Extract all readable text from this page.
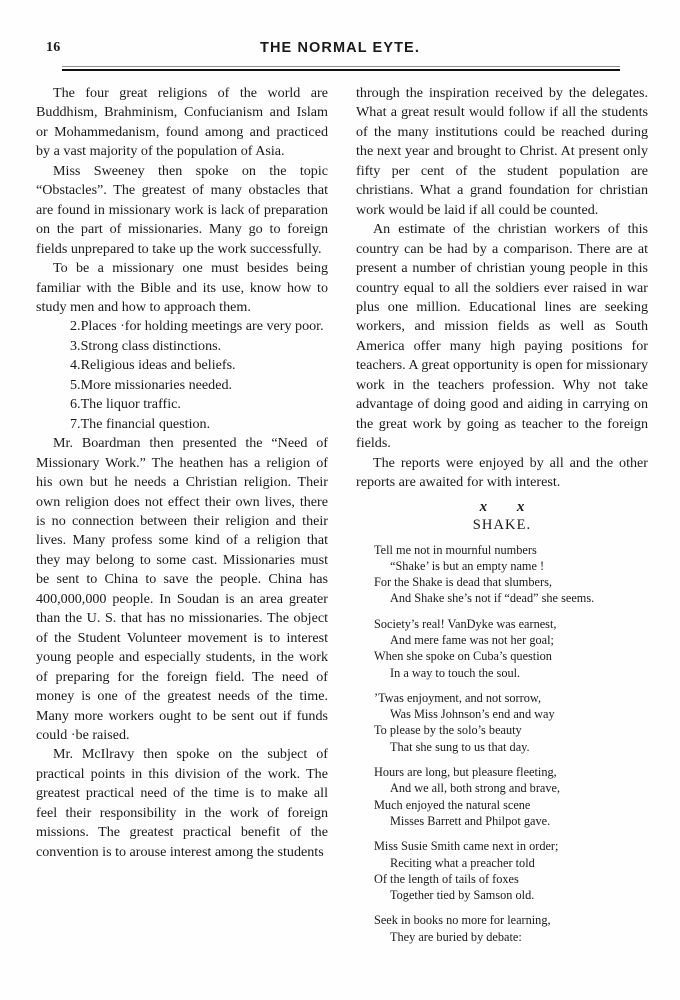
16	THE NORMAL EYTE.

The four great religions of the world are Buddhism, Brahminism, Confucianism and Islam or Mohammedanism, found among and practiced by a vast majority of the population of Asia.

Miss Sweeney then spoke on the topic “Obstacles”. The greatest of many obstacles that are found in missionary work is lack of preparation on the part of missionaries. Many go to foreign fields unprepared to take up the work successfully.

To be a missionary one must besides being familiar with the Bible and its use, know how to study men and how to approach them.

2.Places ·for holding meetings are very poor.

3.Strong class distinctions.

4.Religious ideas and beliefs.

5.More missionaries needed.

6.The liquor traffic.

7.The financial question.

Mr. Boardman then presented the “Need of Missionary Work.” The heathen has a religion of his own but he needs a Christian religion. Their own religion does not effect their own lives, there is no connection between their religion and their lives. Many profess some kind of a religion that they may belong to some cast. Missionaries must be sent to China to save the people. China has 400,000,000 people. In Soudan is an area greater than the U. S. that has no missionaries. The object of the Student Volunteer movement is to interest young people and especially students, in the work of preparing for the foreign field. The need of money is one of the greatest needs of the time. Many more workers ought to be sent out if funds could ·be raised.

Mr. McIlravy then spoke on the subject of practical points in this division of the work. The greatest practical need of the time is to make all feel their responsibility in the work of foreign missions. The greatest practical benefit of the convention is to arouse interest among the students

through the inspiration received by the delegates. What a great result would follow if all the students of the many institutions could be reached during the next year and brought to Christ. At present only fifty per cent of the student population are christians. What a grand foundation for christian work would be laid if all could be counted.

An estimate of the christian workers of this country can be had by a comparison. There are at present a number of christian young people in this country equal to all the soldiers ever raised in war plus one million. Educational lines are seeking workers, and mission fields as well as South America offer many high paying positions for teachers. A great opportunity is open for missionary work in the teachers profession. Why not take advantage of doing good and aiding in carrying on the great work by going as teacher to the foreign fields.

The reports were enjoyed by all and the other reports are awaited for with interest.

x x
SHAKE.
Tell me not in mournful numbers
“Shake’ is but an empty name !
For the Shake is dead that slumbers,
And Shake she’s not if “dead” she seems.
Society’s real! VanDyke was earnest,
And mere fame was not her goal;
When she spoke on Cuba’s question
In a way to touch the soul.
’Twas enjoyment, and not sorrow,
Was Miss Johnson’s end and way
To please by the solo’s beauty
That she sung to us that day.
Hours are long, but pleasure fleeting,
And we all, both strong and brave,
Much enjoyed the natural scene
Misses Barrett and Philpot gave.
Miss Susie Smith came next in order;
Reciting what a preacher told
Of the length of tails of foxes
Together tied by Samson old.
Seek in books no more for learning,
They are buried by debate:
